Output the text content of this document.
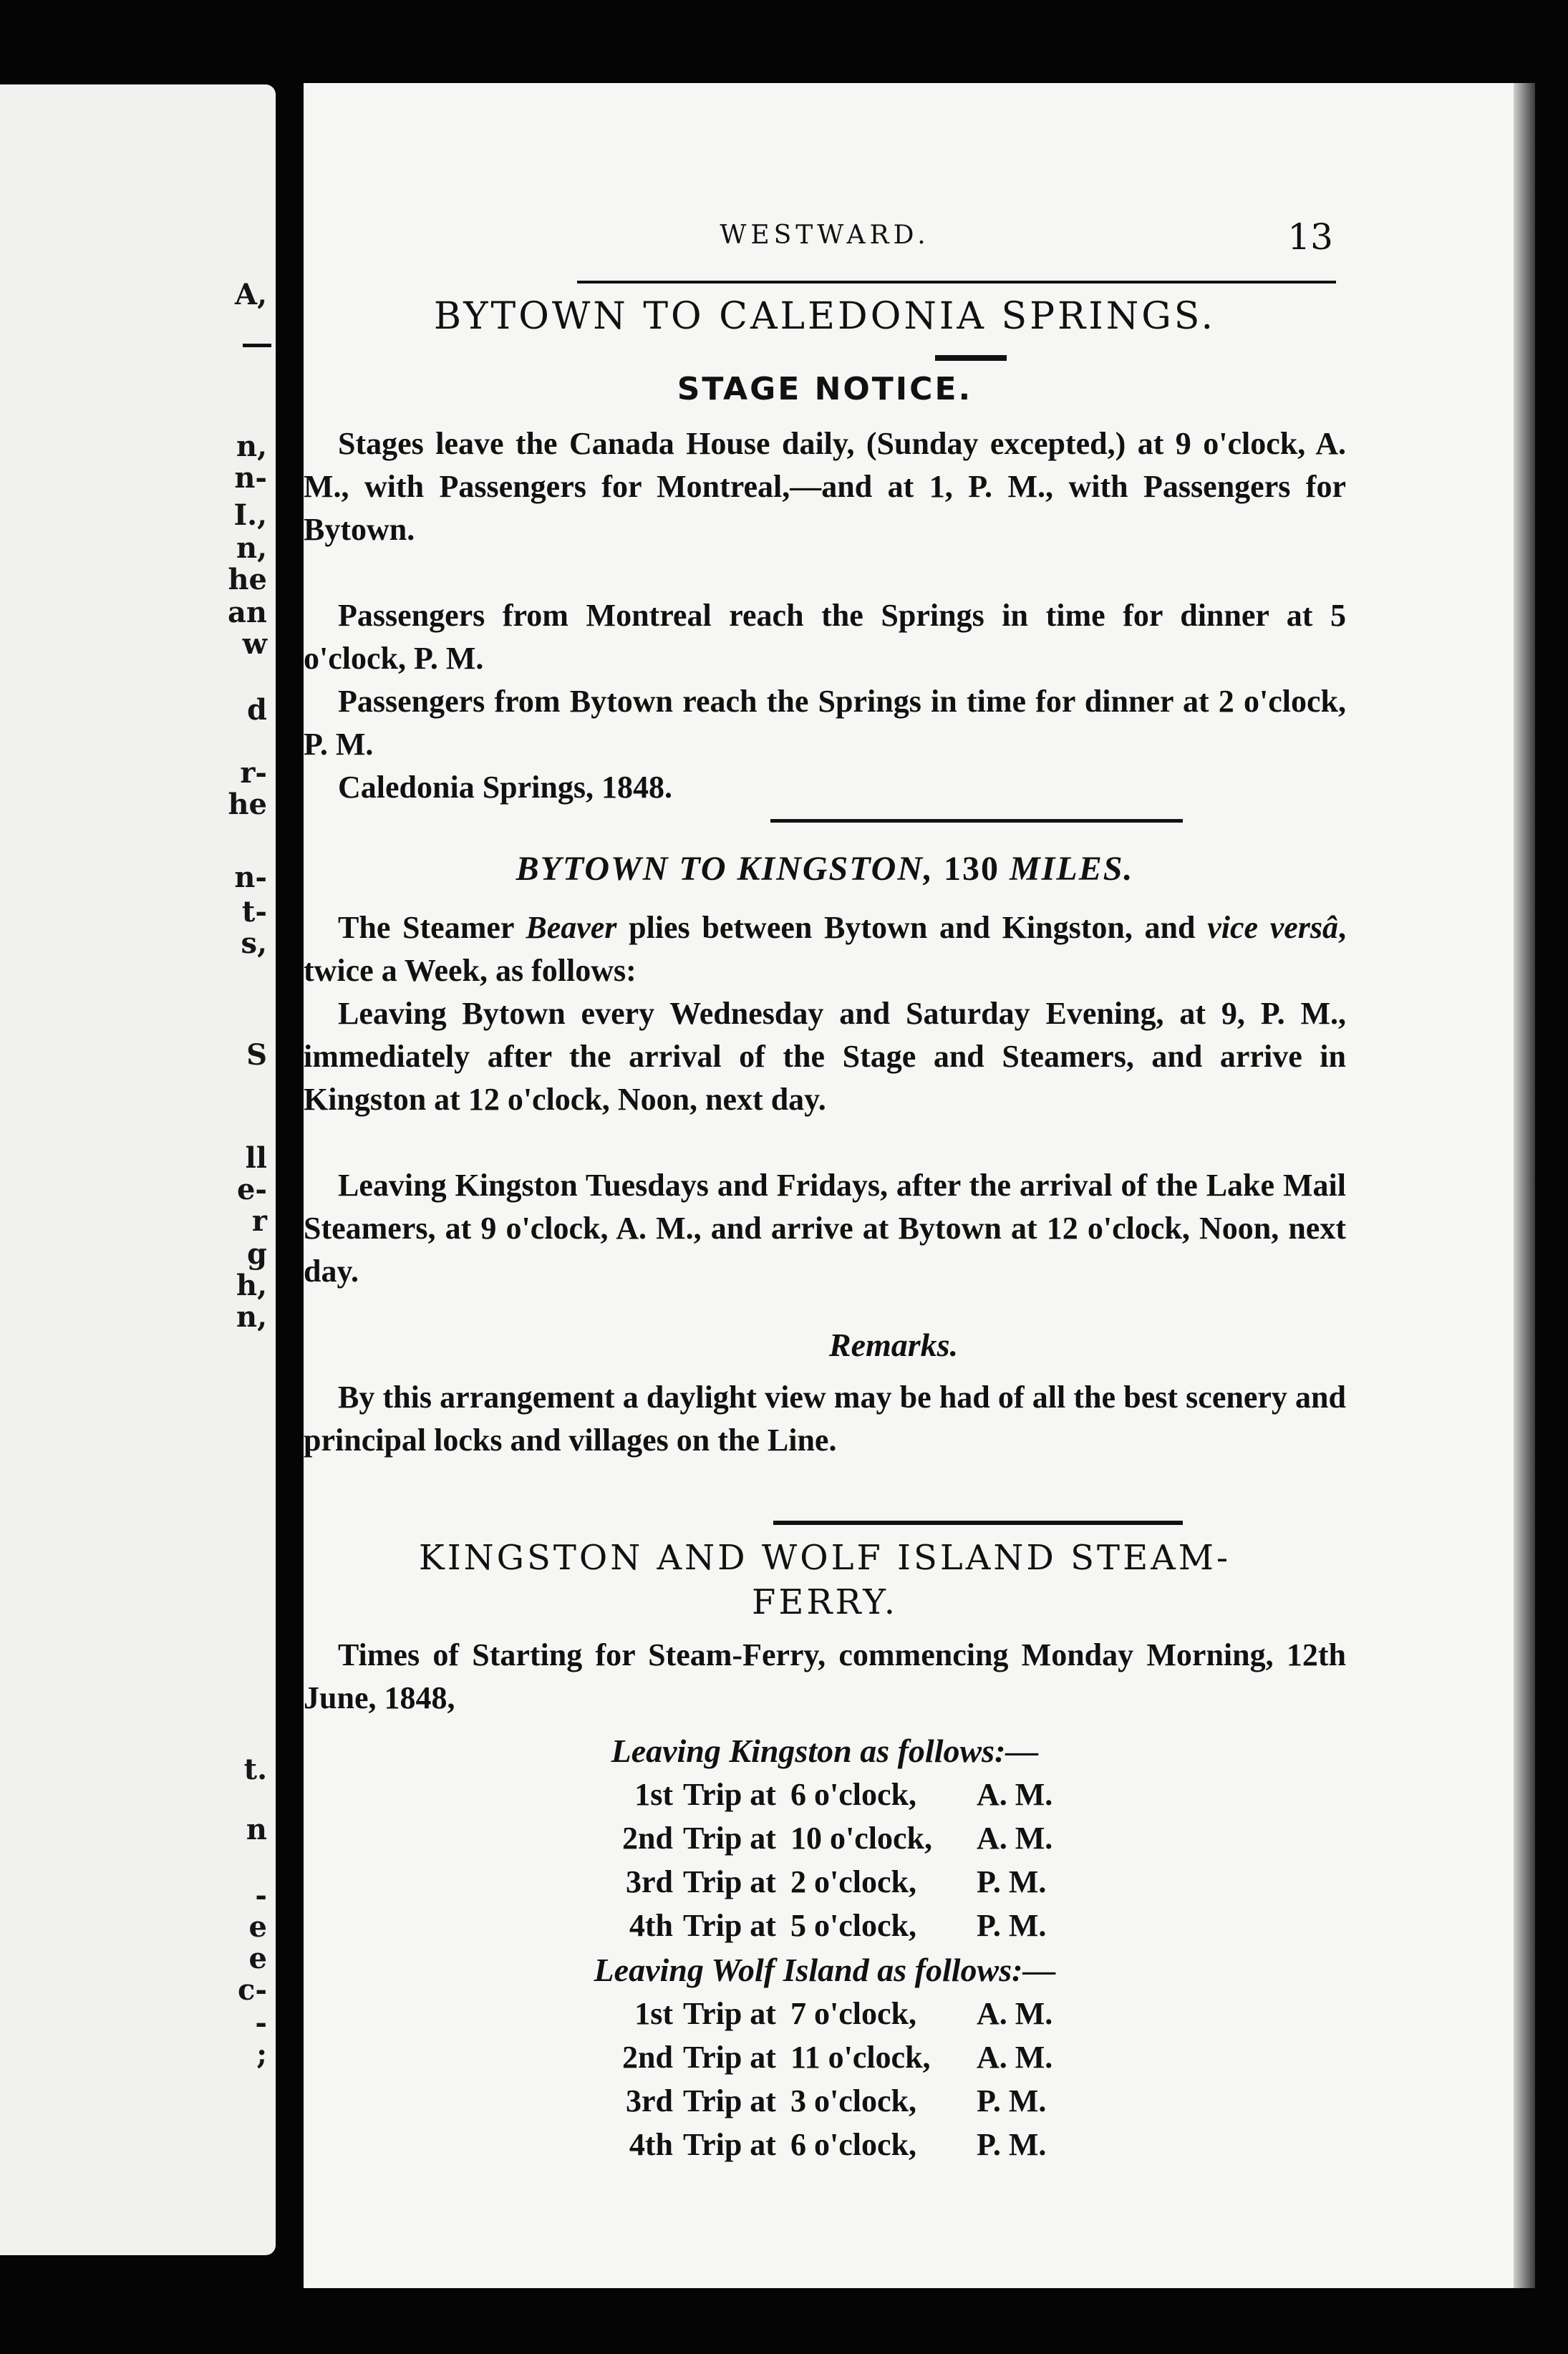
A,
n,
n-
I.,
n,
he
an
w
d
r-
he
n-
t-
s,
S
ll
e-
r
g
h,
n,
t.
n
-
e
e
c-
-
;
WESTWARD.	13
BYTOWN TO CALEDONIA SPRINGS.
STAGE NOTICE.
Stages leave the Canada House daily, (Sunday excepted,) at 9 o'clock, A. M., with Passengers for Montreal,—and at 1, P. M., with Passengers for Bytown.
Passengers from Montreal reach the Springs in time for dinner at 5 o'clock, P. M.
Passengers from Bytown reach the Springs in time for dinner at 2 o'clock, P. M.
Caledonia Springs, 1848.
BYTOWN TO KINGSTON, 130 MILES.
The Steamer Beaver plies between Bytown and Kingston, and vice versâ, twice a Week, as follows:
Leaving Bytown every Wednesday and Saturday Evening, at 9, P. M., immediately after the arrival of the Stage and Steamers, and arrive in Kingston at 12 o'clock, Noon, next day.
Leaving Kingston Tuesdays and Fridays, after the arrival of the Lake Mail Steamers, at 9 o'clock, A. M., and arrive at Bytown at 12 o'clock, Noon, next day.
Remarks.
By this arrangement a daylight view may be had of all the best scenery and principal locks and villages on the Line.
KINGSTON AND WOLF ISLAND STEAM-
FERRY.
Times of Starting for Steam-Ferry, commencing Monday Morning, 12th June, 1848,
Leaving Kingston as follows:—
1st Trip at 6 o'clock,	A. M.
2nd Trip at 10 o'clock,	A. M.
3rd Trip at 2 o'clock,	P. M.
4th Trip at 5 o'clock,	P. M.
Leaving Wolf Island as follows:—
1st Trip at 7 o'clock,	A. M.
2nd Trip at 11 o'clock,	A. M.
3rd Trip at 3 o'clock,	P. M.
4th Trip at 6 o'clock,	P. M.
